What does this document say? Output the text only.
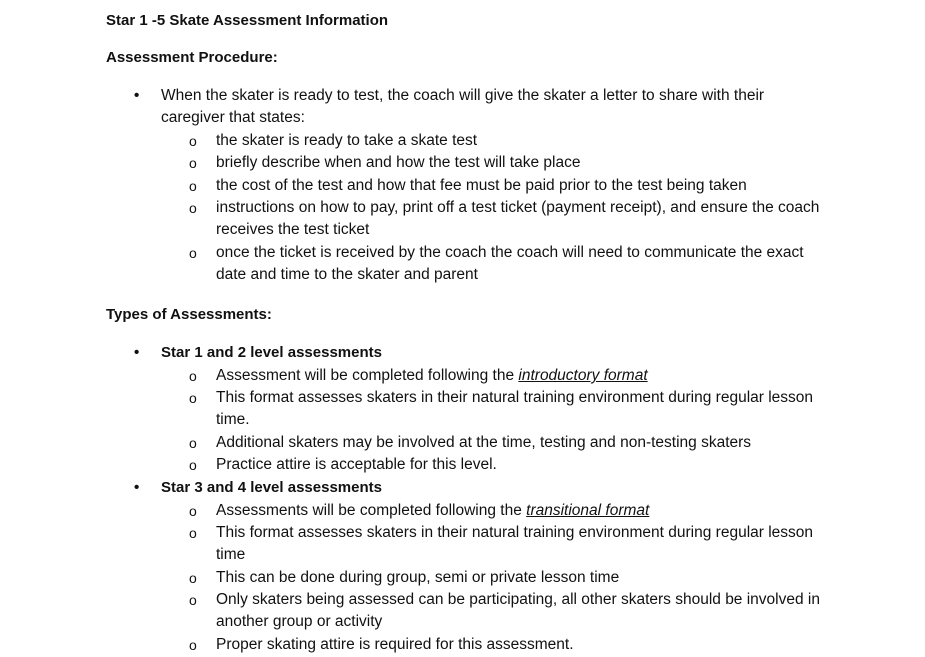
Star 1 -5 Skate Assessment Information
Assessment Procedure:
• When the skater is ready to test, the coach will give the skater a letter to share with their caregiver that states:
o the skater is ready to take a skate test
o briefly describe when and how the test will take place
o the cost of the test and how that fee must be paid prior to the test being taken
o instructions on how to pay, print off a test ticket (payment receipt), and ensure the coach receives the test ticket
o once the ticket is received by the coach the coach will need to communicate the exact date and time to the skater and parent
Types of Assessments:
• Star 1 and 2 level assessments
o Assessment will be completed following the introductory format
o This format assesses skaters in their natural training environment during regular lesson time.
o Additional skaters may be involved at the time, testing and non-testing skaters
o Practice attire is acceptable for this level.
• Star 3 and 4 level assessments
o Assessments will be completed following the transitional format
o This format assesses skaters in their natural training environment during regular lesson time
o This can be done during group, semi or private lesson time
o Only skaters being assessed can be participating, all other skaters should be involved in another group or activity
o Proper skating attire is required for this assessment.
